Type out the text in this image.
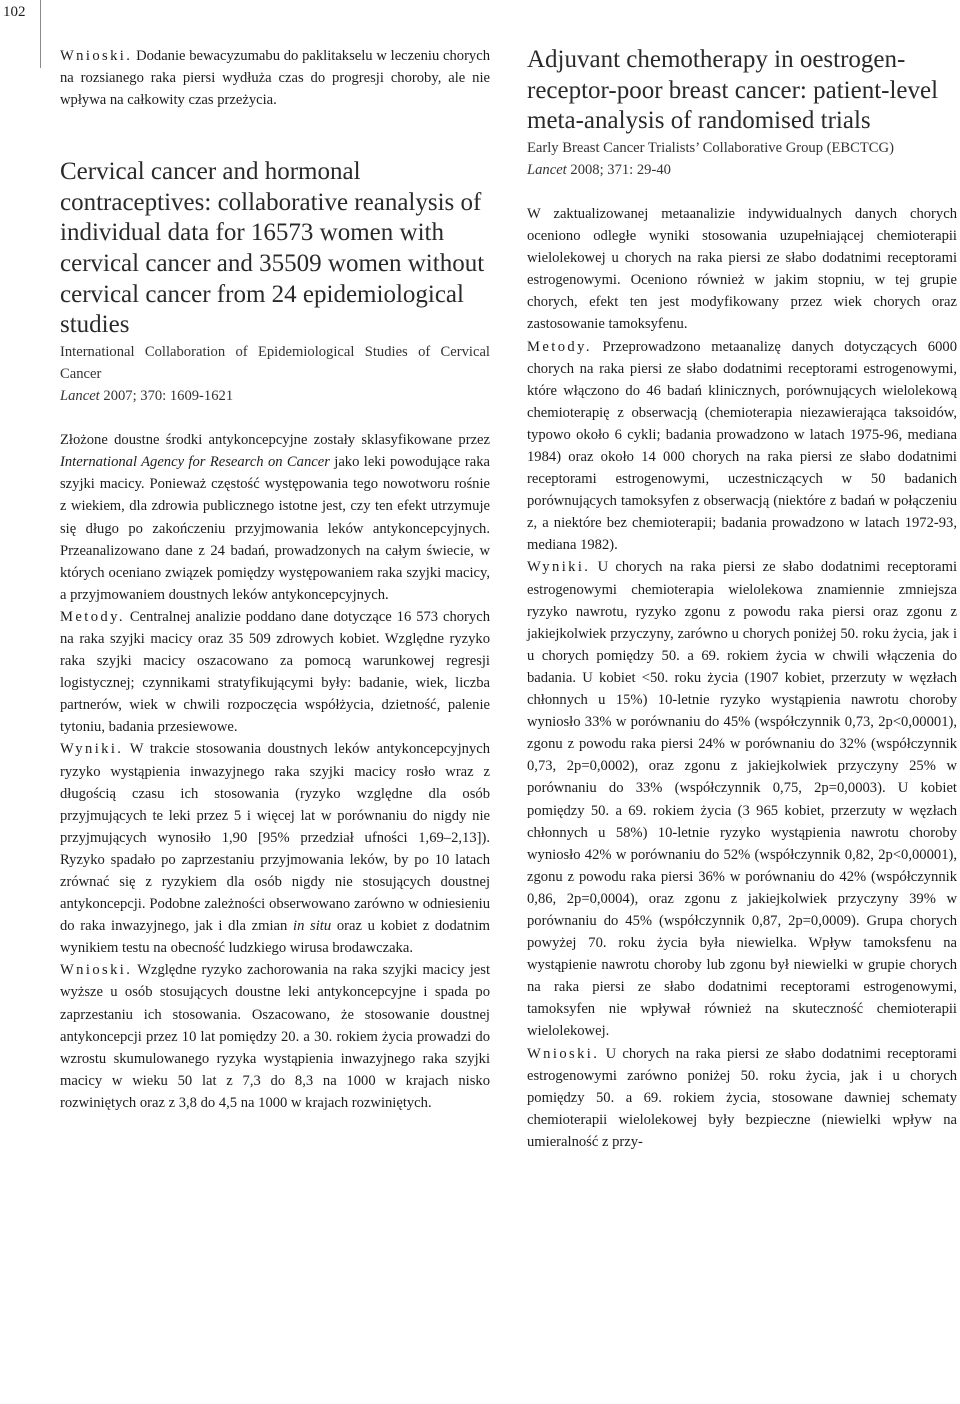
102

Wnioski. Dodanie bewacyzumabu do paklitakselu w leczeniu chorych na rozsianego raka piersi wydłuża czas do progresji choroby, ale nie wpływa na całkowity czas przeżycia.

Cervical cancer and hormonal contraceptives: collaborative reanalysis of individual data for 16573 women with cervical cancer and 35509 women without cervical cancer from 24 epidemiological studies

International Collaboration of Epidemiological Studies of Cervical Cancer

Lancet 2007; 370: 1609-1621

Złożone doustne środki antykoncepcyjne zostały sklasyfikowane przez International Agency for Research on Cancer jako leki powodujące raka szyjki macicy. Ponieważ częstość występowania tego nowotworu rośnie z wiekiem, dla zdrowia publicznego istotne jest, czy ten efekt utrzymuje się długo po zakończeniu przyjmowania leków antykoncepcyjnych. Przeanalizowano dane z 24 badań, prowadzonych na całym świecie, w których oceniano związek pomiędzy występowaniem raka szyjki macicy, a przyjmowaniem doustnych leków antykoncepcyjnych.

Metody. Centralnej analizie poddano dane dotyczące 16 573 chorych na raka szyjki macicy oraz 35 509 zdrowych kobiet. Względne ryzyko raka szyjki macicy oszacowano za pomocą warunkowej regresji logistycznej; czynnikami stratyfikującymi były: badanie, wiek, liczba partnerów, wiek w chwili rozpoczęcia współżycia, dzietność, palenie tytoniu, badania przesiewowe.

Wyniki. W trakcie stosowania doustnych leków antykoncepcyjnych ryzyko wystąpienia inwazyjnego raka szyjki macicy rosło wraz z długością czasu ich stosowania (ryzyko względne dla osób przyjmujących te leki przez 5 i więcej lat w porównaniu do nigdy nie przyjmujących wynosiło 1,90 [95% przedział ufności 1,69–2,13]). Ryzyko spadało po zaprzestaniu przyjmowania leków, by po 10 latach zrównać się z ryzykiem dla osób nigdy nie stosujących doustnej antykoncepcji. Podobne zależności obserwowano zarówno w odniesieniu do raka inwazyjnego, jak i dla zmian in situ oraz u kobiet z dodatnim wynikiem testu na obecność ludzkiego wirusa brodawczaka.

Wnioski. Względne ryzyko zachorowania na raka szyjki macicy jest wyższe u osób stosujących doustne leki antykoncepcyjne i spada po zaprzestaniu ich stosowania. Oszacowano, że stosowanie doustnej antykoncepcji przez 10 lat pomiędzy 20. a 30. rokiem życia prowadzi do wzrostu skumulowanego ryzyka wystąpienia inwazyjnego raka szyjki macicy w wieku 50 lat z 7,3 do 8,3 na 1000 w krajach nisko rozwiniętych oraz z 3,8 do 4,5 na 1000 w krajach rozwiniętych.

Adjuvant chemotherapy in oestrogen-receptor-poor breast cancer: patient-level meta-analysis of randomised trials

Early Breast Cancer Trialists’ Collaborative Group (EBCTCG)

Lancet 2008; 371: 29-40

W zaktualizowanej metaanalizie indywidualnych danych chorych oceniono odległe wyniki stosowania uzupełniającej chemioterapii wielolekowej u chorych na raka piersi ze słabo dodatnimi receptorami estrogenowymi. Oceniono również w jakim stopniu, w tej grupie chorych, efekt ten jest modyfikowany przez wiek chorych oraz zastosowanie tamoksyfenu.

Metody. Przeprowadzono metaanalizę danych dotyczących 6000 chorych na raka piersi ze słabo dodatnimi receptorami estrogenowymi, które włączono do 46 badań klinicznych, porównujących wielolekową chemioterapię z obserwacją (chemioterapia niezawierająca taksoidów, typowo około 6 cykli; badania prowadzono w latach 1975-96, mediana 1984) oraz około 14 000 chorych na raka piersi ze słabo dodatnimi receptorami estrogenowymi, uczestniczących w 50 badanich porównujących tamoksyfen z obserwacją (niektóre z badań w połączeniu z, a niektóre bez chemioterapii; badania prowadzono w latach 1972-93, mediana 1982).

Wyniki. U chorych na raka piersi ze słabo dodatnimi receptorami estrogenowymi chemioterapia wielolekowa znamiennie zmniejsza ryzyko nawrotu, ryzyko zgonu z powodu raka piersi oraz zgonu z jakiejkolwiek przyczyny, zarówno u chorych poniżej 50. roku życia, jak i u chorych pomiędzy 50. a 69. rokiem życia w chwili włączenia do badania. U kobiet <50. roku życia (1907 kobiet, przerzuty w węzłach chłonnych u 15%) 10-letnie ryzyko wystąpienia nawrotu choroby wyniosło 33% w porównaniu do 45% (współczynnik 0,73, 2p<0,00001), zgonu z powodu raka piersi 24% w porównaniu do 32% (współczynnik 0,73, 2p=0,0002), oraz zgonu z jakiejkolwiek przyczyny 25% w porównaniu do 33% (współczynnik 0,75, 2p=0,0003). U kobiet pomiędzy 50. a 69. rokiem życia (3 965 kobiet, przerzuty w węzłach chłonnych u 58%) 10-letnie ryzyko wystąpienia nawrotu choroby wyniosło 42% w porównaniu do 52% (współczynnik 0,82, 2p<0,00001), zgonu z powodu raka piersi 36% w porównaniu do 42% (współczynnik 0,86, 2p=0,0004), oraz zgonu z jakiejkolwiek przyczyny 39% w porównaniu do 45% (współczynnik 0,87, 2p=0,0009). Grupa chorych powyżej 70. roku życia była niewielka. Wpływ tamoksfenu na wystąpienie nawrotu choroby lub zgonu był niewielki w grupie chorych na raka piersi ze słabo dodatnimi receptorami estrogenowymi, tamoksyfen nie wpływał również na skuteczność chemioterapii wielolekowej.

Wnioski. U chorych na raka piersi ze słabo dodatnimi receptorami estrogenowymi zarówno poniżej 50. roku życia, jak i u chorych pomiędzy 50. a 69. rokiem życia, stosowane dawniej schematy chemioterapii wielolekowej były bezpieczne (niewielki wpływ na umieralność z przy-
